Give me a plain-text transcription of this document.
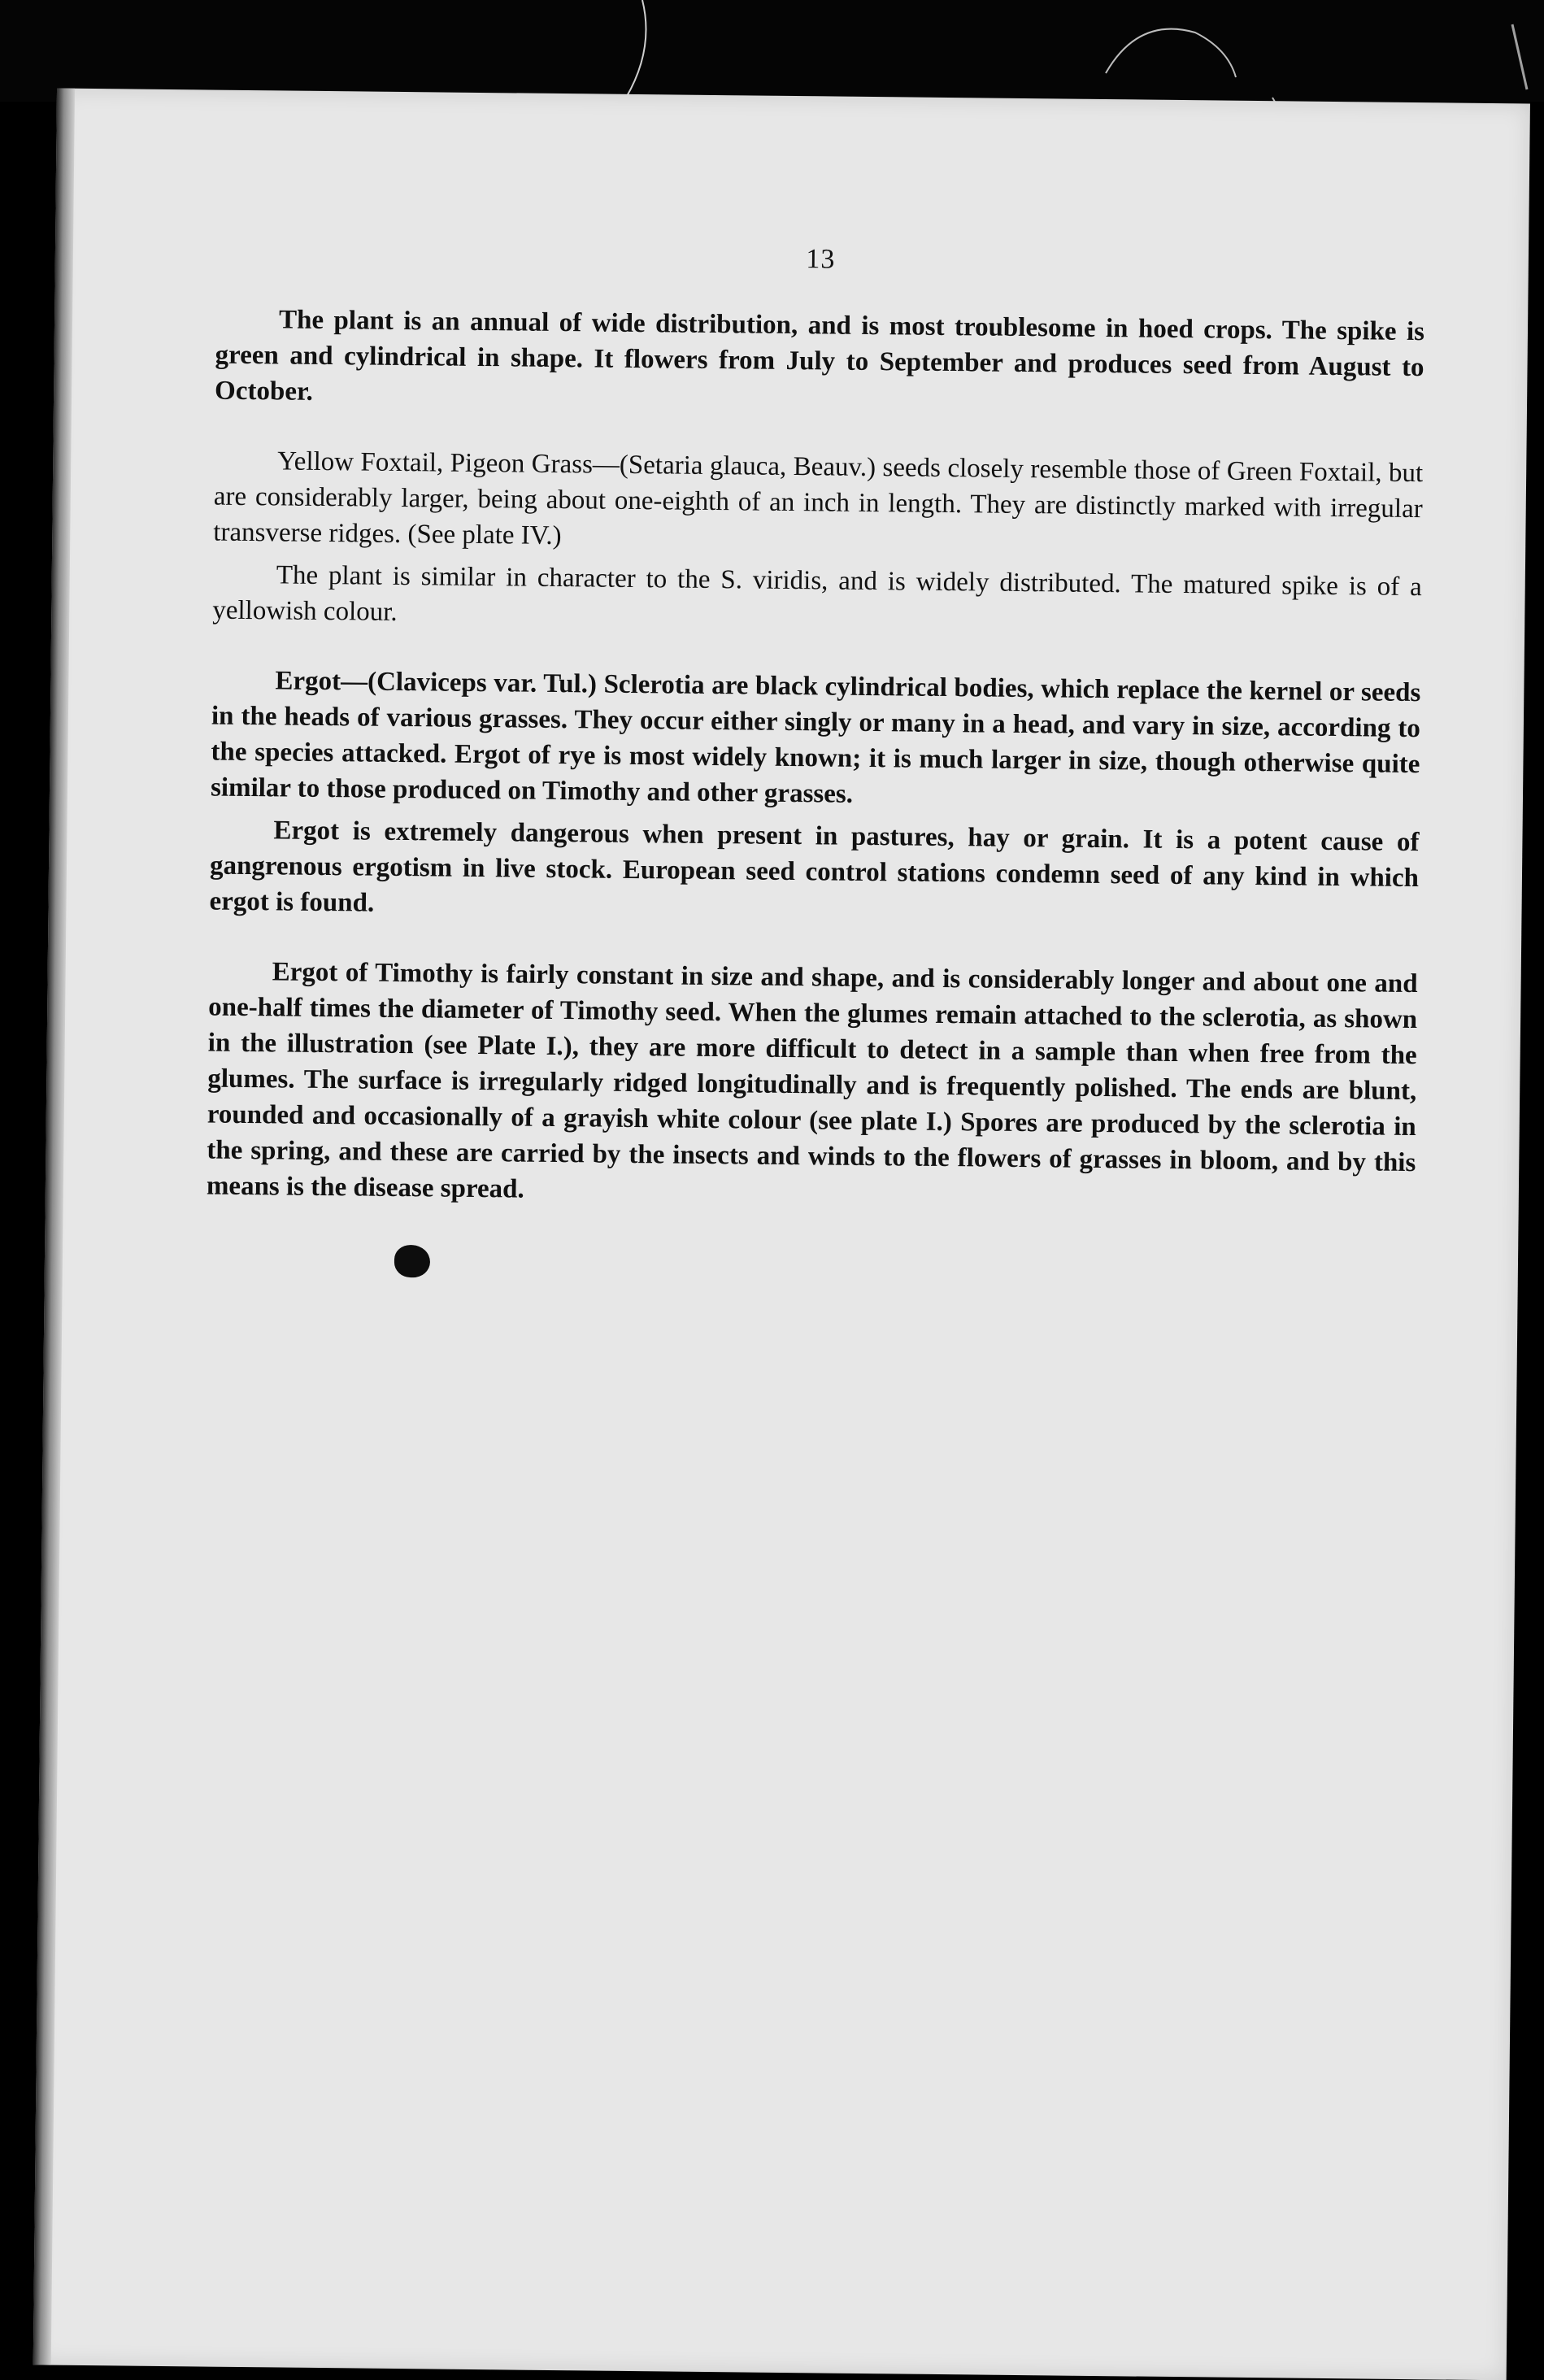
13

The plant is an annual of wide distribution, and is most troublesome in hoed crops. The spike is green and cylindrical in shape. It flowers from July to September and produces seed from August to October.

Yellow Foxtail, Pigeon Grass—(Setaria glauca, Beauv.) seeds closely resemble those of Green Foxtail, but are considerably larger, being about one-eighth of an inch in length. They are distinctly marked with irregular transverse ridges. (See plate IV.)

The plant is similar in character to the S. viridis, and is widely distributed. The matured spike is of a yellowish colour.

Ergot—(Claviceps var. Tul.) Sclerotia are black cylindrical bodies, which replace the kernel or seeds in the heads of various grasses. They occur either singly or many in a head, and vary in size, according to the species attacked. Ergot of rye is most widely known; it is much larger in size, though otherwise quite similar to those produced on Timothy and other grasses.

Ergot is extremely dangerous when present in pastures, hay or grain. It is a potent cause of gangrenous ergotism in live stock. European seed control stations condemn seed of any kind in which ergot is found.

Ergot of Timothy is fairly constant in size and shape, and is considerably longer and about one and one-half times the diameter of Timothy seed. When the glumes remain attached to the sclerotia, as shown in the illustration (see Plate I.), they are more difficult to detect in a sample than when free from the glumes. The surface is irregularly ridged longitudinally and is frequently polished. The ends are blunt, rounded and occasionally of a grayish white colour (see plate I.) Spores are produced by the sclerotia in the spring, and these are carried by the insects and winds to the flowers of grasses in bloom, and by this means is the disease spread.
